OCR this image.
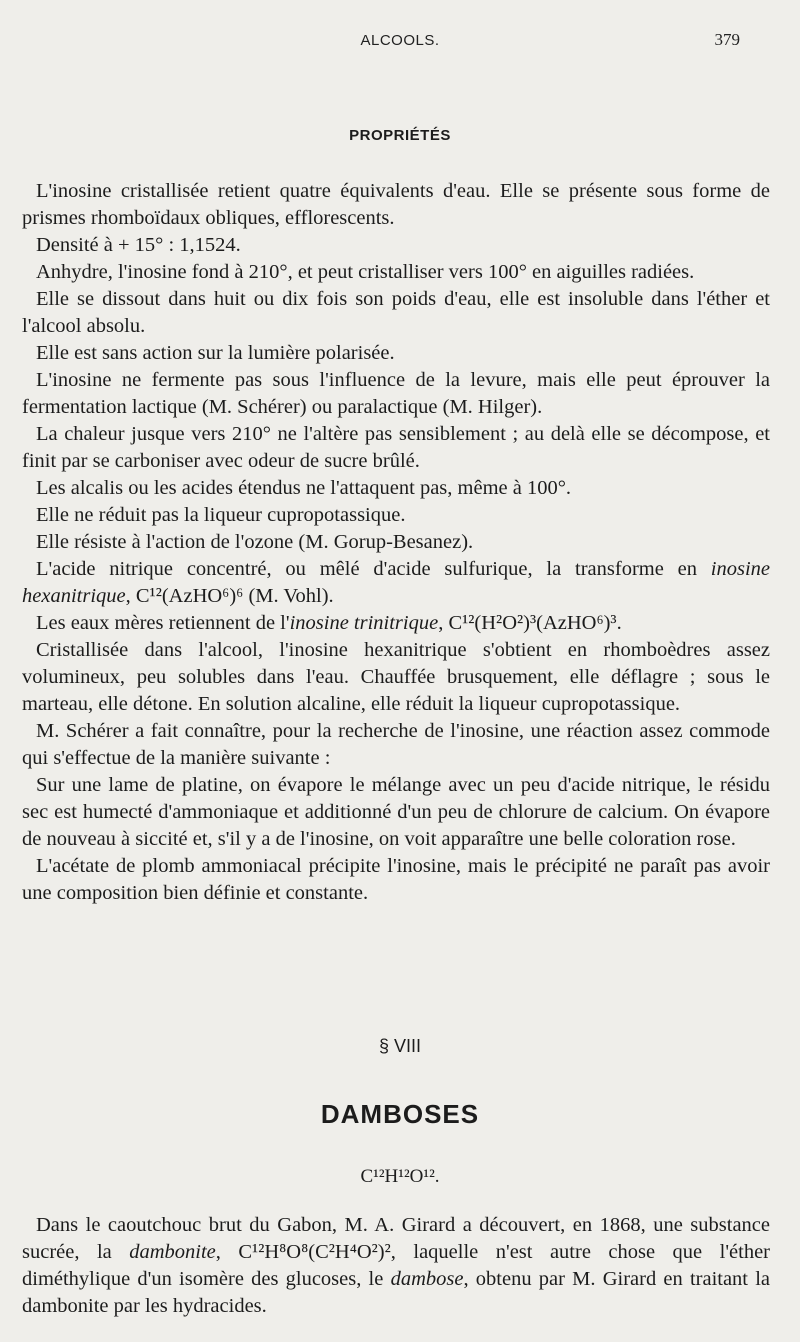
ALCOOLS.	379
PROPRIÉTÉS

L'inosine cristallisée retient quatre équivalents d'eau. Elle se présente sous forme de prismes rhomboïdaux obliques, efflorescents.

Densité à + 15° : 1,1524.

Anhydre, l'inosine fond à 210°, et peut cristalliser vers 100° en aiguilles radiées.

Elle se dissout dans huit ou dix fois son poids d'eau, elle est insoluble dans l'éther et l'alcool absolu.

Elle est sans action sur la lumière polarisée.

L'inosine ne fermente pas sous l'influence de la levure, mais elle peut éprouver la fermentation lactique (M. Schérer) ou paralactique (M. Hilger).

La chaleur jusque vers 210° ne l'altère pas sensiblement ; au delà elle se décompose, et finit par se carboniser avec odeur de sucre brûlé.

Les alcalis ou les acides étendus ne l'attaquent pas, même à 100°.

Elle ne réduit pas la liqueur cupropotassique.

Elle résiste à l'action de l'ozone (M. Gorup-Besanez).

L'acide nitrique concentré, ou mêlé d'acide sulfurique, la transforme en inosine hexanitrique, C¹²(AzHO⁶)⁶ (M. Vohl).

Les eaux mères retiennent de l'inosine trinitrique, C¹²(H²O²)³(AzHO⁶)³.

Cristallisée dans l'alcool, l'inosine hexanitrique s'obtient en rhomboèdres assez volumineux, peu solubles dans l'eau. Chauffée brusquement, elle déflagre ; sous le marteau, elle détone. En solution alcaline, elle réduit la liqueur cupropotassique.

M. Schérer a fait connaître, pour la recherche de l'inosine, une réaction assez commode qui s'effectue de la manière suivante :

Sur une lame de platine, on évapore le mélange avec un peu d'acide nitrique, le résidu sec est humecté d'ammoniaque et additionné d'un peu de chlorure de calcium. On évapore de nouveau à siccité et, s'il y a de l'inosine, on voit apparaître une belle coloration rose.

L'acétate de plomb ammoniacal précipite l'inosine, mais le précipité ne paraît pas avoir une composition bien définie et constante.

§ VIII
DAMBOSES
C¹²H¹²O¹².

Dans le caoutchouc brut du Gabon, M. A. Girard a découvert, en 1868, une substance sucrée, la dambonite, C¹²H⁸O⁸(C²H⁴O²)², laquelle n'est autre chose que l'éther diméthylique d'un isomère des glucoses, le dambose, obtenu par M. Girard en traitant la dambonite par les hydracides.
